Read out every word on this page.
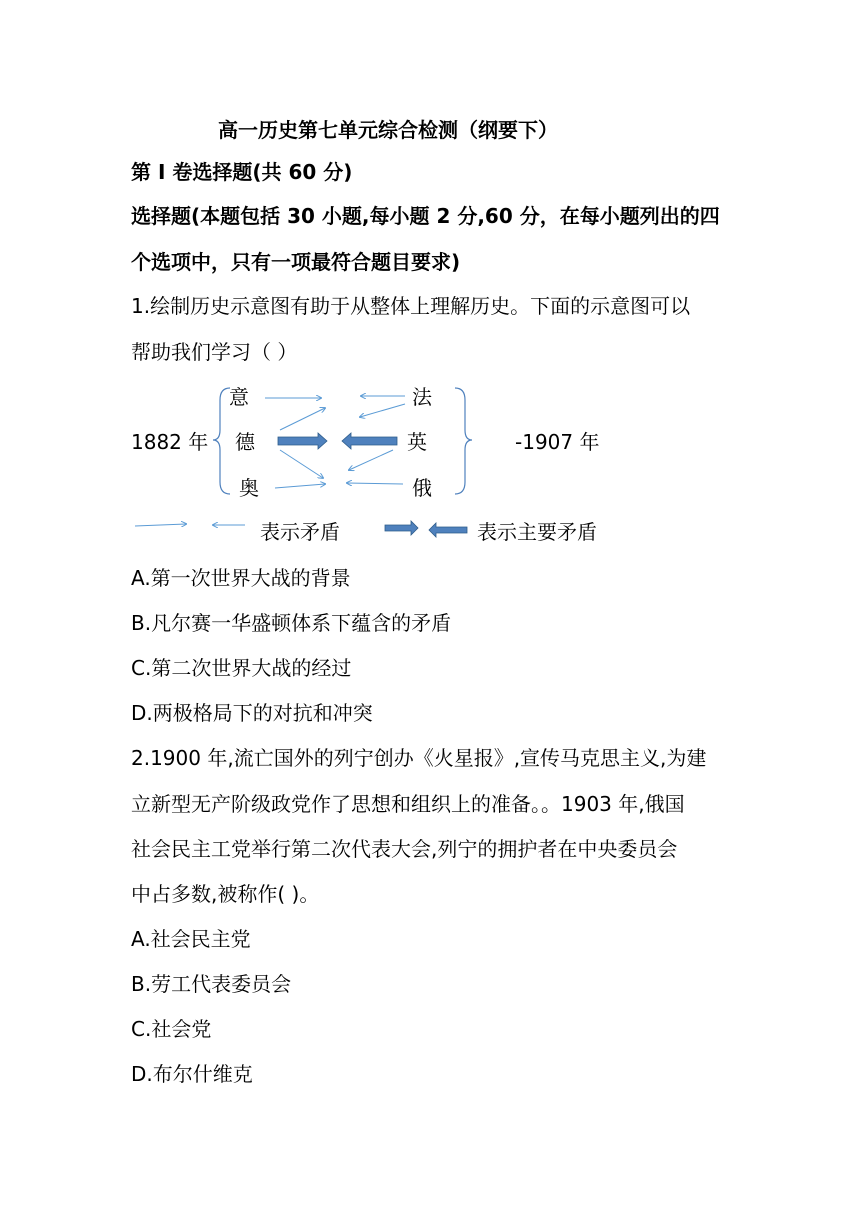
高一历史第七单元综合检测（纲要下）
第 I 卷选择题(共 60 分)
选择题(本题包括 30 小题,每小题 2 分,60 分，在每小题列出的四
个选项中，只有一项最符合题目要求)
1.绘制历史示意图有助于从整体上理解历史。下面的示意图可以
帮助我们学习（ ）
1882 年
意
德
奥
法
英
俄
-1907 年
表示矛盾	表示主要矛盾
A.第一次世界大战的背景
B.凡尔赛一华盛顿体系下蕴含的矛盾
C.第二次世界大战的经过
D.两极格局下的对抗和冲突
2.1900 年,流亡国外的列宁创办《火星报》,宣传马克思主义,为建
立新型无产阶级政党作了思想和组织上的准备。。1903 年,俄国
社会民主工党举行第二次代表大会,列宁的拥护者在中央委员会
中占多数,被称作( )。
A.社会民主党
B.劳工代表委员会
C.社会党
D.布尔什维克
